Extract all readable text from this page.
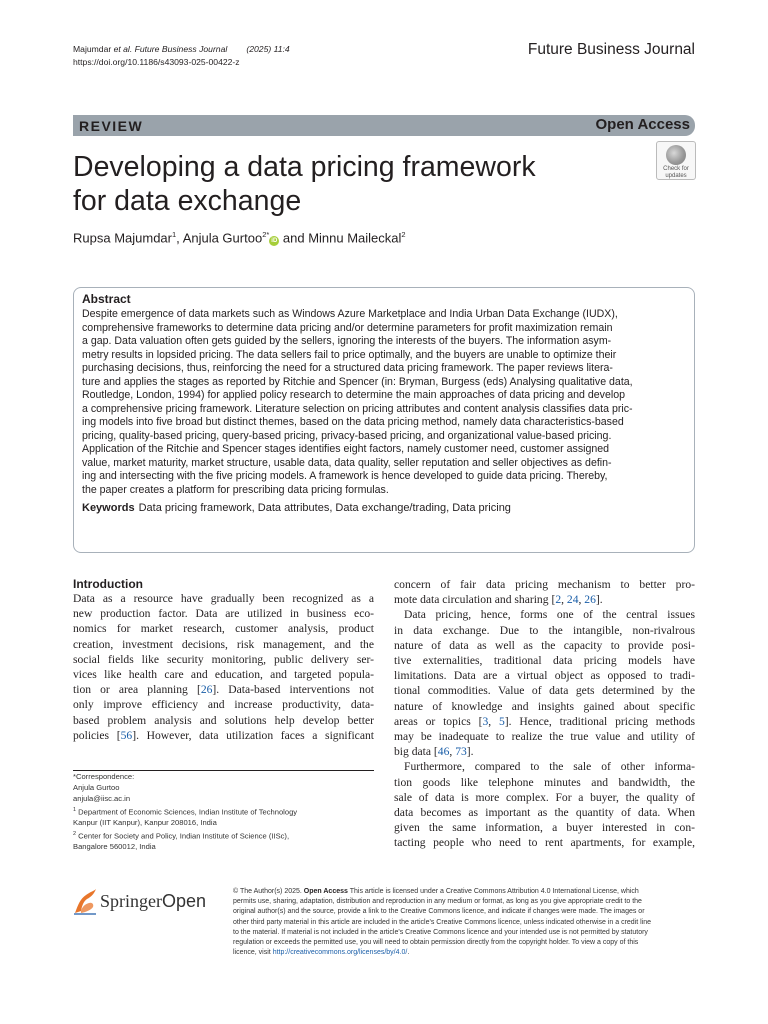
Majumdar et al. Future Business Journal (2025) 11:4
https://doi.org/10.1186/s43093-025-00422-z
Future Business Journal
REVIEW	Open Access
Developing a data pricing framework
for data exchange
Check for
updates
Rupsa Majumdar$^1$, Anjula Gurtoo$^{2*}$iD and Minnu Maileckal$^2$
Abstract
Despite emergence of data markets such as Windows Azure Marketplace and India Urban Data Exchange (IUDX),
comprehensive frameworks to determine data pricing and/or determine parameters for profit maximization remain
a gap. Data valuation often gets guided by the sellers, ignoring the interests of the buyers. The information asym-
metry results in lopsided pricing. The data sellers fail to price optimally, and the buyers are unable to optimize their
purchasing decisions, thus, reinforcing the need for a structured data pricing framework. The paper reviews litera-
ture and applies the stages as reported by Ritchie and Spencer (in: Bryman, Burgess (eds) Analysing qualitative data,
Routledge, London, 1994) for applied policy research to determine the main approaches of data pricing and develop
a comprehensive pricing framework. Literature selection on pricing attributes and content analysis classifies data pric-
ing models into five broad but distinct themes, based on the data pricing method, namely data characteristics-based
pricing, quality-based pricing, query-based pricing, privacy-based pricing, and organizational value-based pricing.
Application of the Ritchie and Spencer stages identifies eight factors, namely customer need, customer assigned
value, market maturity, market structure, usable data, data quality, seller reputation and seller objectives as defin-
ing and intersecting with the five pricing models. A framework is hence developed to guide data pricing. Thereby,
the paper creates a platform for prescribing data pricing formulas.
Keywords Data pricing framework, Data attributes, Data exchange/trading, Data pricing
Introduction
Data as a resource have gradually been recognized as a
new production factor. Data are utilized in business eco-
nomics for market research, customer analysis, product
creation, investment decisions, risk management, and the
social fields like security monitoring, public delivery ser-
vices like health care and education, and targeted popula-
tion or area planning [26]. Data-based interventions not
only improve efficiency and increase productivity, data-
based problem analysis and solutions help develop better
policies [56]. However, data utilization faces a significant
concern of fair data pricing mechanism to better pro-
mote data circulation and sharing [2, 24, 26].
Data pricing, hence, forms one of the central issues
in data exchange. Due to the intangible, non-rivalrous
nature of data as well as the capacity to provide posi-
tive externalities, traditional data pricing models have
limitations. Data are a virtual object as opposed to tradi-
tional commodities. Value of data gets determined by the
nature of knowledge and insights gained about specific
areas or topics [3, 5]. Hence, traditional pricing methods
may be inadequate to realize the true value and utility of
big data [46, 73].
Furthermore, compared to the sale of other informa-
tion goods like telephone minutes and bandwidth, the
sale of data is more complex. For a buyer, the quality of
data becomes as important as the quantity of data. When
given the same information, a buyer interested in con-
tacting people who need to rent apartments, for example,
*Correspondence:
Anjula Gurtoo
anjula@iisc.ac.in
$^1$ Department of Economic Sciences, Indian Institute of Technology
Kanpur (IIT Kanpur), Kanpur 208016, India
$^2$ Center for Society and Policy, Indian Institute of Science (IISc),
Bangalore 560012, India
SpringerOpen	© The Author(s) 2025. Open Access This article is licensed under a Creative Commons Attribution 4.0 International License, which
permits use, sharing, adaptation, distribution and reproduction in any medium or format, as long as you give appropriate credit to the
original author(s) and the source, provide a link to the Creative Commons licence, and indicate if changes were made. The images or
other third party material in this article are included in the article's Creative Commons licence, unless indicated otherwise in a credit line
to the material. If material is not included in the article's Creative Commons licence and your intended use is not permitted by statutory
regulation or exceeds the permitted use, you will need to obtain permission directly from the copyright holder. To view a copy of this
licence, visit http://creativecommons.org/licenses/by/4.0/.
